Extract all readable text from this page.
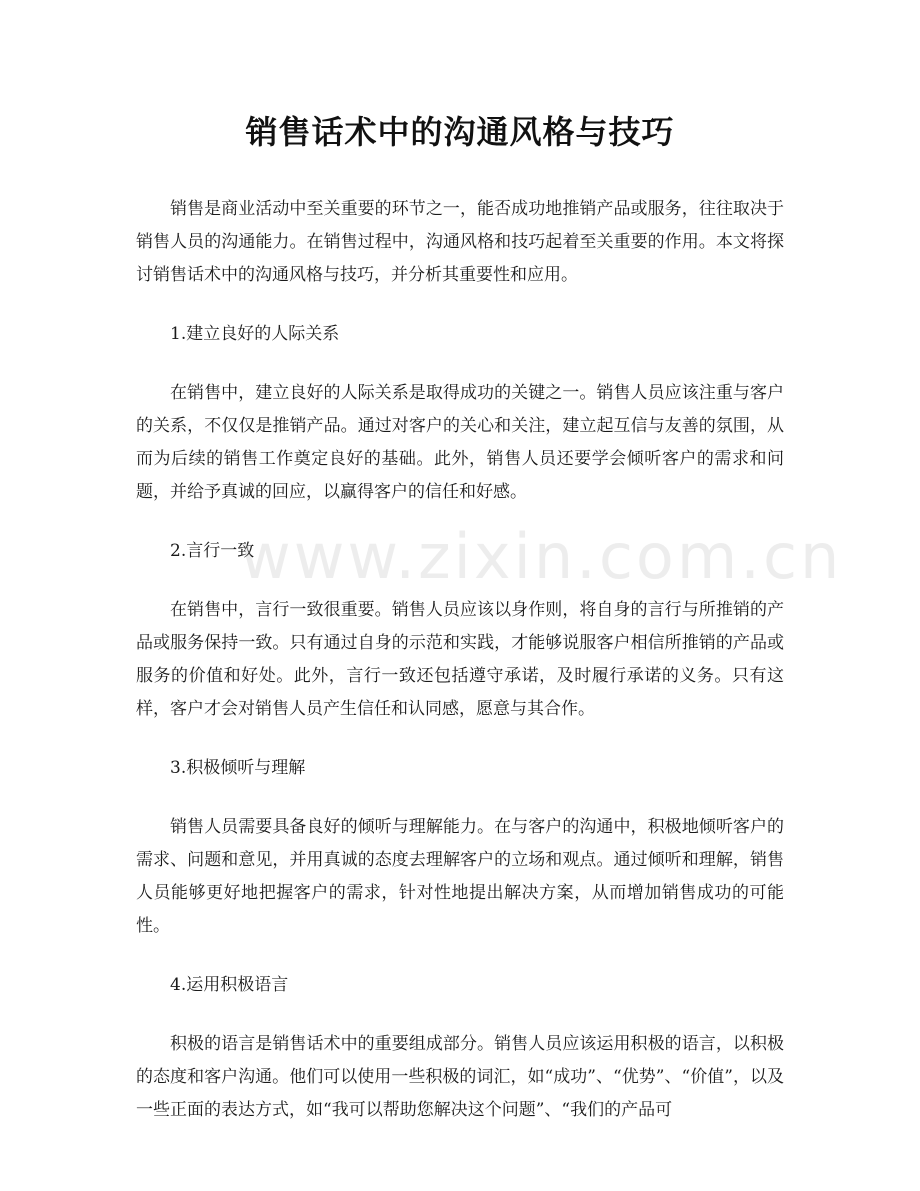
销售话术中的沟通风格与技巧

销售是商业活动中至关重要的环节之一，能否成功地推销产品或服务，往往取决于销售人员的沟通能力。在销售过程中，沟通风格和技巧起着至关重要的作用。本文将探讨销售话术中的沟通风格与技巧，并分析其重要性和应用。

1.建立良好的人际关系

在销售中，建立良好的人际关系是取得成功的关键之一。销售人员应该注重与客户的关系，不仅仅是推销产品。通过对客户的关心和关注，建立起互信与友善的氛围，从而为后续的销售工作奠定良好的基础。此外，销售人员还要学会倾听客户的需求和问题，并给予真诚的回应，以赢得客户的信任和好感。

2.言行一致

在销售中，言行一致很重要。销售人员应该以身作则，将自身的言行与所推销的产品或服务保持一致。只有通过自身的示范和实践，才能够说服客户相信所推销的产品或服务的价值和好处。此外，言行一致还包括遵守承诺，及时履行承诺的义务。只有这样，客户才会对销售人员产生信任和认同感，愿意与其合作。

3.积极倾听与理解

销售人员需要具备良好的倾听与理解能力。在与客户的沟通中，积极地倾听客户的需求、问题和意见，并用真诚的态度去理解客户的立场和观点。通过倾听和理解，销售人员能够更好地把握客户的需求，针对性地提出解决方案，从而增加销售成功的可能性。

4.运用积极语言

积极的语言是销售话术中的重要组成部分。销售人员应该运用积极的语言，以积极的态度和客户沟通。他们可以使用一些积极的词汇，如“成功”、“优势”、“价值”，以及一些正面的表达方式，如“我可以帮助您解决这个问题”、“我们的产品可

www.zixin.com.cn
